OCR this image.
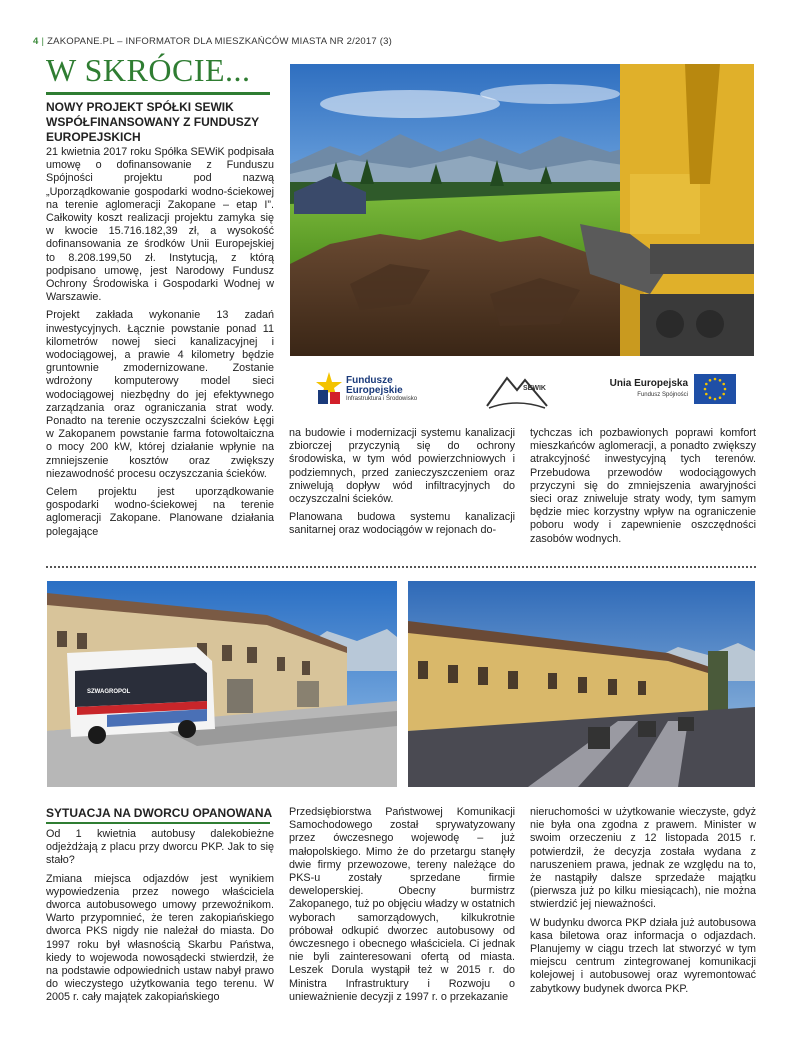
4 | ZAKOPANE.PL – INFORMATOR DLA MIESZKAŃCÓW MIASTA NR 2/2017 (3)
W SKRÓCIE...
NOWY PROJEKT SPÓŁKI SEWIK WSPÓŁFINANSOWANY Z FUNDUSZY EUROPEJSKICH

21 kwietnia 2017 roku Spółka SEWiK podpisała umowę o dofinansowanie z Funduszu Spójności projektu pod nazwą „Uporządkowanie gospodarki wodno-ściekowej na terenie aglomeracji Zakopane – etap I”. Całkowity koszt realizacji projektu zamyka się w kwocie 15.716.182,39 zł, a wysokość dofinansowania ze środków Unii Europejskiej to 8.208.199,50 zł. Instytucją, z którą podpisano umowę, jest Narodowy Fundusz Ochrony Środowiska i Gospodarki Wodnej w Warszawie.

Projekt zakłada wykonanie 13 zadań inwestycyjnych. Łącznie powstanie ponad 11 kilometrów nowej sieci kanalizacyjnej i wodociągowej, a prawie 4 kilometry będzie gruntownie zmodernizowane. Zostanie wdrożony komputerowy model sieci wodociągowej niezbędny do jej efektywnego zarządzania oraz ograniczania strat wody. Ponadto na terenie oczyszczalni ścieków Łęgi w Zakopanem powstanie farma fotowoltaiczna o mocy 200 kW, której działanie wpłynie na zmniejszenie kosztów oraz zwiększy niezawodność procesu oczyszczania ścieków.

Celem projektu jest uporządkowanie gospodarki wodno-ściekowej na terenie aglomeracji Zakopane. Planowane działania polegające

na budowie i modernizacji systemu kanalizacji zbiorczej przyczynią się do ochrony środowiska, w tym wód powierzchniowych i podziemnych, przed zanieczyszczeniem oraz zniwelują dopływ wód infiltracyjnych do oczyszczalni ścieków.

Planowana budowa systemu kanalizacji sanitarnej oraz wodociągów w rejonach do-

tychczas ich pozbawionych poprawi komfort mieszkańców aglomeracji, a ponadto zwiększy atrakcyjność inwestycyjną tych terenów. Przebudowa przewodów wodociągowych przyczyni się do zmniejszenia awaryjności sieci oraz zniweluje straty wody, tym samym będzie miec korzystny wpływ na ograniczenie poboru wody i zapewnienie oszczędności zasobów wodnych.

Fundusze
Europejskie
Infrastruktura i Środowisko
SEWIK	Unia Europejska
Fundusz Spójności
SZWAGROPOL
SYTUACJA NA DWORCU OPANOWANA

Od 1 kwietnia autobusy dalekobieżne odjeżdżają z placu przy dworcu PKP. Jak to się stało?

Zmiana miejsca odjazdów jest wynikiem wypowiedzenia przez nowego właściciela dworca autobusowego umowy przewoźnikom. Warto przypomnieć, że teren zakopiańskiego dworca PKS nigdy nie należał do miasta. Do 1997 roku był własnością Skarbu Państwa, kiedy to wojewoda nowosądecki stwierdził, że na podstawie odpowiednich ustaw nabył prawo do wieczystego użytkowania tego terenu. W 2005 r. cały majątek zakopiańskiego

Przedsiębiorstwa Państwowej Komunikacji Samochodowego został sprywatyzowany przez ówczesnego wojewodę – już małopolskiego. Mimo że do przetargu stanęły dwie firmy przewozowe, tereny należące do PKS-u zostały sprzedane firmie deweloperskiej. Obecny burmistrz Zakopanego, tuż po objęciu władzy w ostatnich wyborach samorządowych, kilkukrotnie próbował odkupić dworzec autobusowy od ówczesnego i obecnego właściciela. Ci jednak nie byli zainteresowani ofertą od miasta. Leszek Dorula wystąpił też w 2015 r. do Ministra Infrastruktury i Rozwoju o unieważnienie decyzji z 1997 r. o przekazanie

nieruchomości w użytkowanie wieczyste, gdyż nie była ona zgodna z prawem. Minister w swoim orzeczeniu z 12 listopada 2015 r. potwierdził, że decyzja została wydana z naruszeniem prawa, jednak ze względu na to, że nastąpiły dalsze sprzedaże majątku (pierwsza już po kilku miesiącach), nie można stwierdzić jej nieważności.

W budynku dworca PKP działa już autobusowa kasa biletowa oraz informacja o odjazdach. Planujemy w ciągu trzech lat stworzyć w tym miejscu centrum zintegrowanej komunikacji kolejowej i autobusowej oraz wyremontować zabytkowy budynek dworca PKP.
